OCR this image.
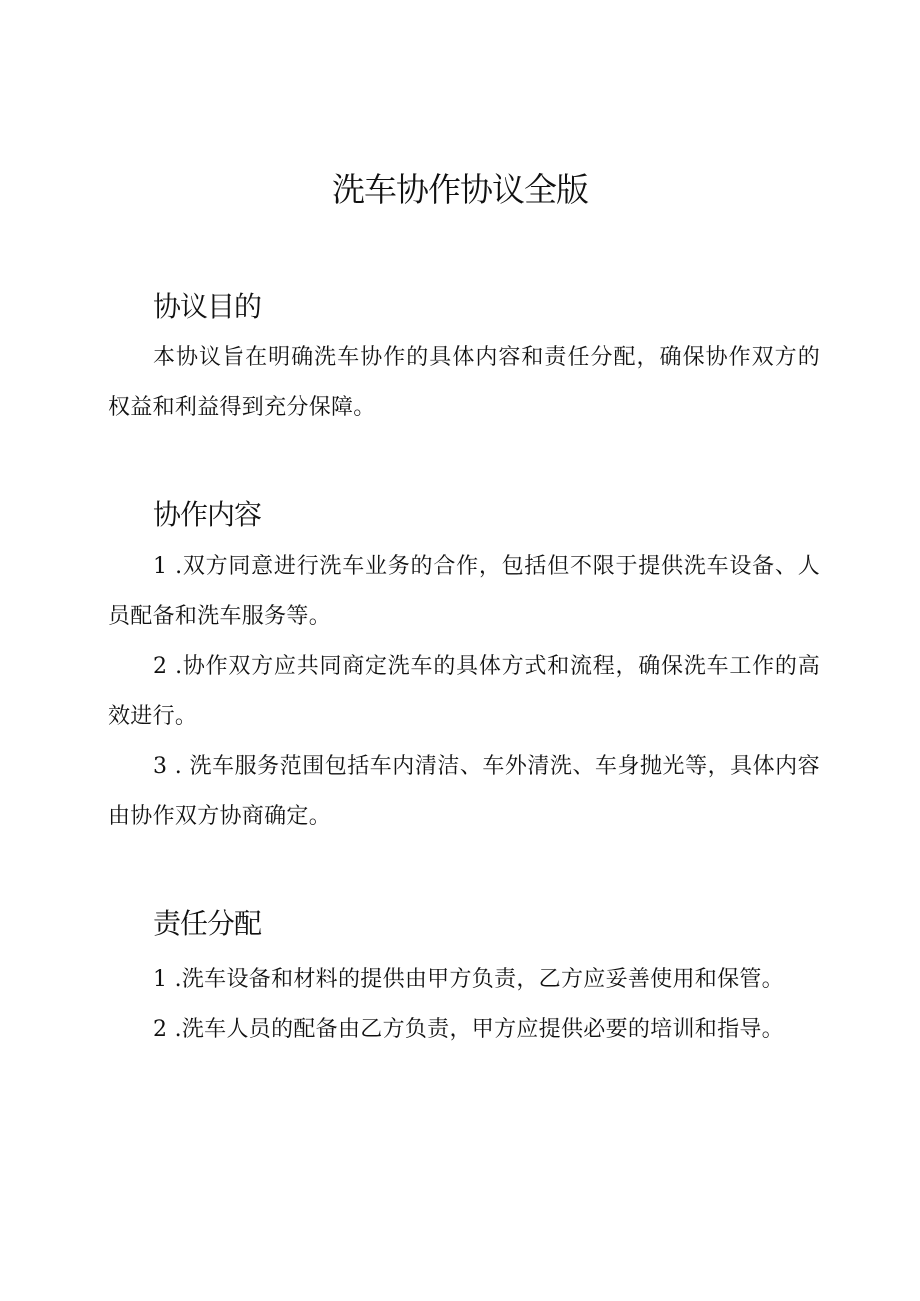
洗车协作协议全版
协议目的

本协议旨在明确洗车协作的具体内容和责任分配，确保协作双方的权益和利益得到充分保障。

协作内容

1 .双方同意进行洗车业务的合作，包括但不限于提供洗车设备、人员配备和洗车服务等。

2 .协作双方应共同商定洗车的具体方式和流程，确保洗车工作的高效进行。

3 . 洗车服务范围包括车内清洁、车外清洗、车身抛光等，具体内容由协作双方协商确定。

责任分配

1 .洗车设备和材料的提供由甲方负责，乙方应妥善使用和保管。

2 .洗车人员的配备由乙方负责，甲方应提供必要的培训和指导。
